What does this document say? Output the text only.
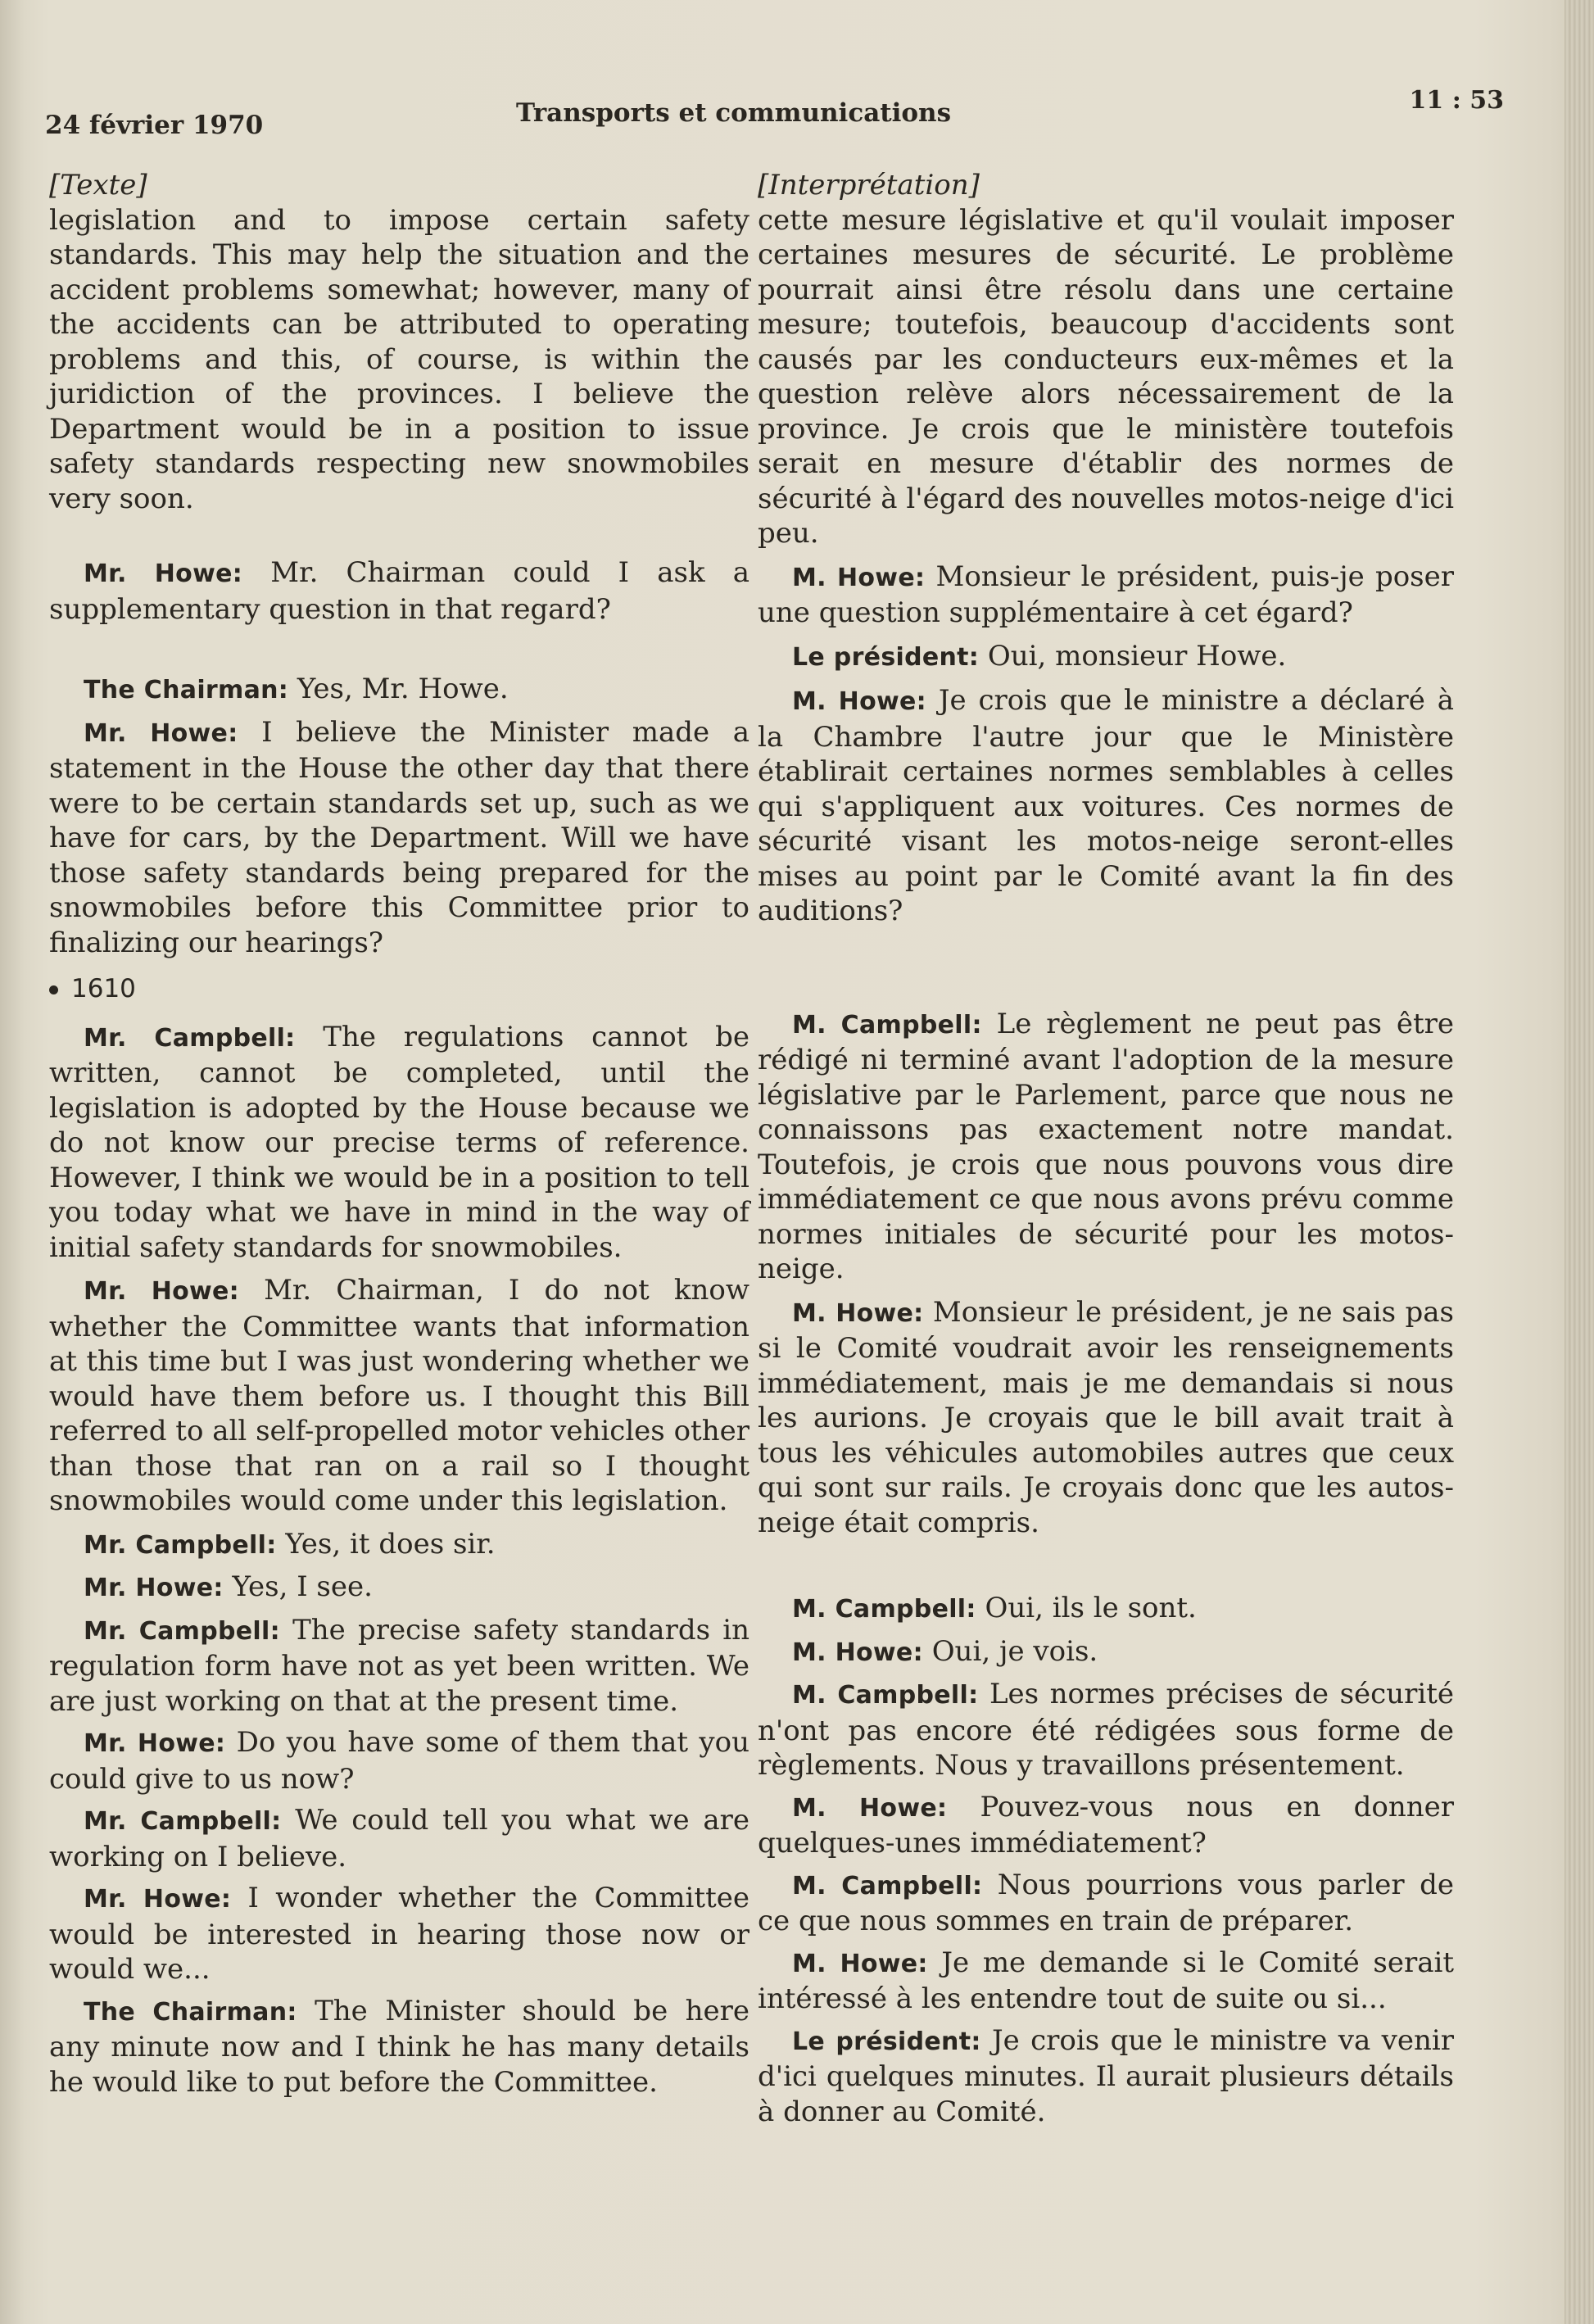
24 février 1970	Transports et communications	11 : 53
[Texte]

legislation and to impose certain safety standards. This may help the situation and the accident problems somewhat; however, many of the accidents can be attributed to operating problems and this, of course, is within the juridiction of the provinces. I believe the Department would be in a position to issue safety standards respecting new snowmobiles very soon.

Mr. Howe: Mr. Chairman could I ask a supplementary question in that regard?

The Chairman: Yes, Mr. Howe.

Mr. Howe: I believe the Minister made a statement in the House the other day that there were to be certain standards set up, such as we have for cars, by the Department. Will we have those safety standards being prepared for the snowmobiles before this Committee prior to finalizing our hearings?

1610

Mr. Campbell: The regulations cannot be written, cannot be completed, until the legislation is adopted by the House because we do not know our precise terms of reference. However, I think we would be in a position to tell you today what we have in mind in the way of initial safety standards for snowmobiles.

Mr. Howe: Mr. Chairman, I do not know whether the Committee wants that information at this time but I was just wondering whether we would have them before us. I thought this Bill referred to all self-propelled motor vehicles other than those that ran on a rail so I thought snowmobiles would come under this legislation.

Mr. Campbell: Yes, it does sir.

Mr. Howe: Yes, I see.

Mr. Campbell: The precise safety standards in regulation form have not as yet been written. We are just working on that at the present time.

Mr. Howe: Do you have some of them that you could give to us now?

Mr. Campbell: We could tell you what we are working on I believe.

Mr. Howe: I wonder whether the Committee would be interested in hearing those now or would we...

The Chairman: The Minister should be here any minute now and I think he has many details he would like to put before the Committee.

[Interprétation]

cette mesure législative et qu'il voulait imposer certaines mesures de sécurité. Le problème pourrait ainsi être résolu dans une certaine mesure; toutefois, beaucoup d'accidents sont causés par les conducteurs eux-mêmes et la question relève alors nécessairement de la province. Je crois que le ministère toutefois serait en mesure d'établir des normes de sécurité à l'égard des nouvelles motos-neige d'ici peu.

M. Howe: Monsieur le président, puis-je poser une question supplémentaire à cet égard?

Le président: Oui, monsieur Howe.

M. Howe: Je crois que le ministre a déclaré à la Chambre l'autre jour que le Ministère établirait certaines normes semblables à celles qui s'appliquent aux voitures. Ces normes de sécurité visant les motos-neige seront-elles mises au point par le Comité avant la fin des auditions?

M. Campbell: Le règlement ne peut pas être rédigé ni terminé avant l'adoption de la mesure législative par le Parlement, parce que nous ne connaissons pas exactement notre mandat. Toutefois, je crois que nous pouvons vous dire immédiatement ce que nous avons prévu comme normes initiales de sécurité pour les motos-neige.

M. Howe: Monsieur le président, je ne sais pas si le Comité voudrait avoir les renseignements immédiatement, mais je me demandais si nous les aurions. Je croyais que le bill avait trait à tous les véhicules automobiles autres que ceux qui sont sur rails. Je croyais donc que les autos-neige était compris.

M. Campbell: Oui, ils le sont.

M. Howe: Oui, je vois.

M. Campbell: Les normes précises de sécurité n'ont pas encore été rédigées sous forme de règlements. Nous y travaillons présentement.

M. Howe: Pouvez-vous nous en donner quelques-unes immédiatement?

M. Campbell: Nous pourrions vous parler de ce que nous sommes en train de préparer.

M. Howe: Je me demande si le Comité serait intéressé à les entendre tout de suite ou si...

Le président: Je crois que le ministre va venir d'ici quelques minutes. Il aurait plusieurs détails à donner au Comité.
